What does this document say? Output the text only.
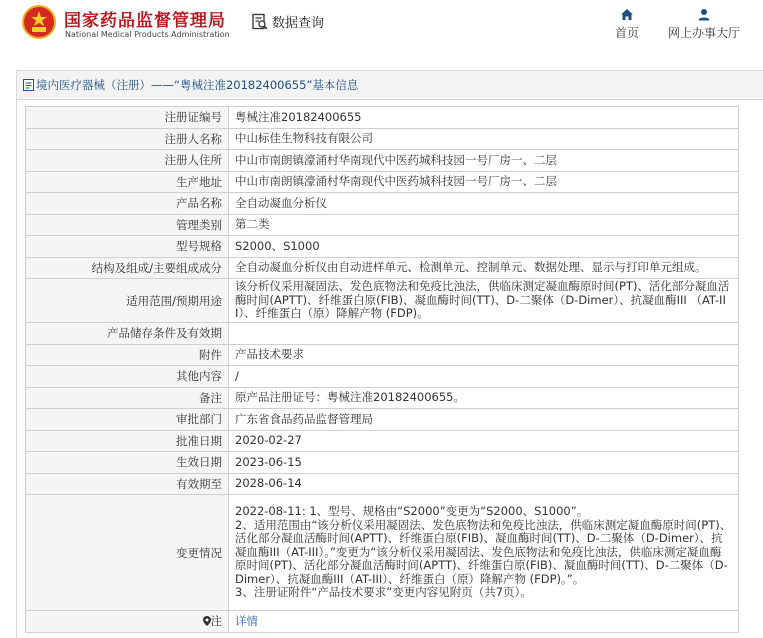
国家药品监督管理局
National Medical Products Administration
数据查询
首页	网上办事大厅
境内医疗器械（注册）——“粤械注准20182400655”基本信息
注册证编号	粤械注准20182400655
注册人名称	中山标佳生物科技有限公司
注册人住所	中山市南朗镇濠涌村华南现代中医药城科技园一号厂房一、二层
生产地址	中山市南朗镇濠涌村华南现代中医药城科技园一号厂房一、二层
产品名称	全自动凝血分析仪
管理类别	第二类
型号规格	S2000、S1000
结构及组成/主要组成成分	全自动凝血分析仪由自动进样单元、检测单元、控制单元、数据处理、显示与打印单元组成。
适用范围/预期用途	该分析仪采用凝固法、发色底物法和免疫比浊法，供临床测定凝血酶原时间(PT)、活化部分凝血活酶时间(APTT)、纤维蛋白原(FIB)、凝血酶时间(TT)、D-二聚体（D-Dimer）、抗凝血酶III （AT-III）、纤维蛋白（原）降解产物 (FDP)。
产品储存条件及有效期	
附件	产品技术要求
其他内容	/
备注	原产品注册证号：粤械注准20182400655。
审批部门	广东省食品药品监督管理局
批准日期	2020-02-27
生效日期	2023-06-15
有效期至	2028-06-14
变更情况	2022-08-11: 1、型号、规格由“S2000”变更为“S2000、S1000”。
2、适用范围由“该分析仪采用凝固法、发色底物法和免疫比浊法，供临床测定凝血酶原时间(PT)、活化部分凝血活酶时间(APTT)、纤维蛋白原(FIB)、凝血酶时间(TT)、D-二聚体（D-Dimer）、抗凝血酶III（AT-III）。”变更为“该分析仪采用凝固法、发色底物法和免疫比浊法，供临床测定凝血酶原时间(PT)、活化部分凝血活酶时间(APTT)、纤维蛋白原(FIB)、凝血酶时间(TT)、D-二聚体（D-Dimer）、抗凝血酶III（AT-III）、纤维蛋白（原）降解产物 (FDP)。”。
3、注册证附件“产品技术要求”变更内容见附页（共7页）。
注	详情
